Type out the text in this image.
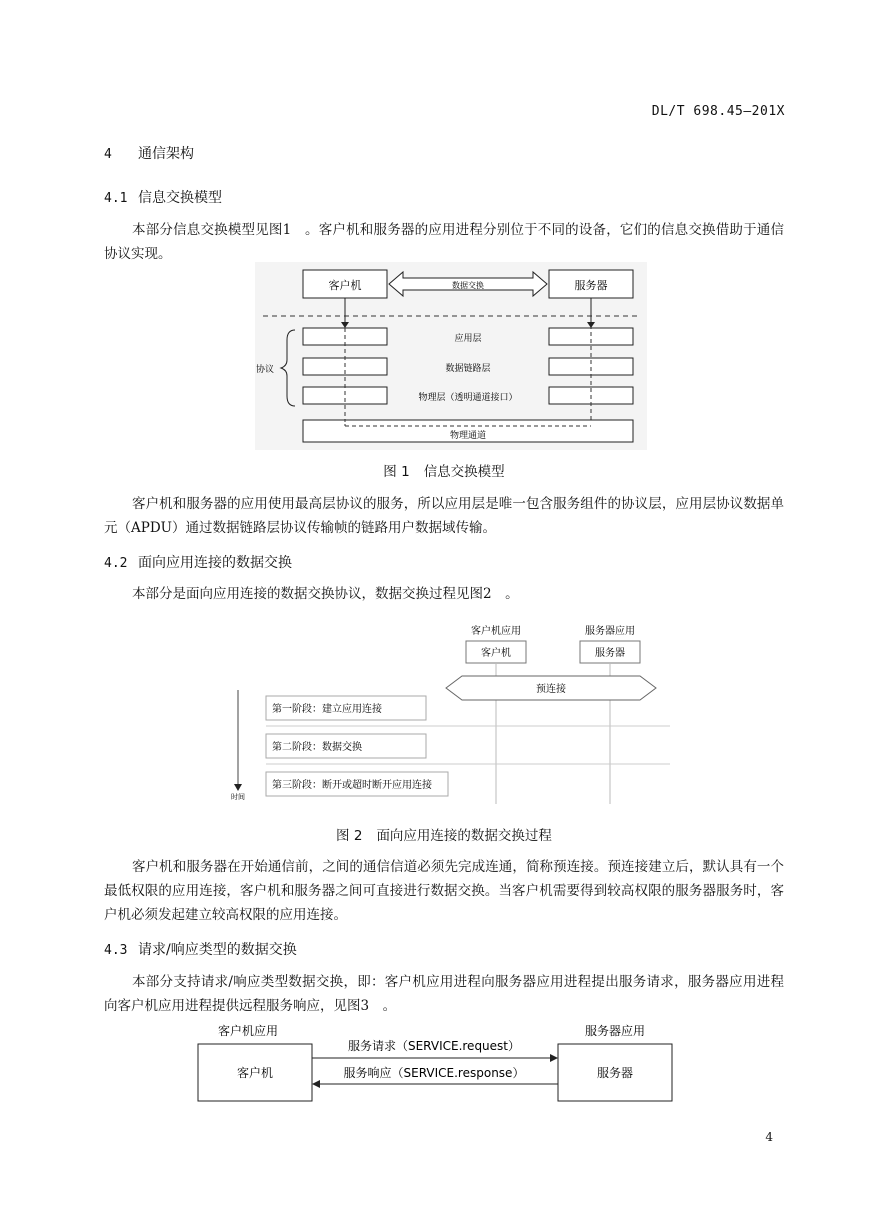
DL/T 698.45—201X
4 通信架构
4.1 信息交换模型
本部分信息交换模型见图1　。客户机和服务器的应用进程分别位于不同的设备，它们的信息交换借助于通信协议实现。
客户机	服务器
数据交换
应用层
数据链路层
物理层（透明通道接口）
协议
物理通道
图 1 信息交换模型
客户机和服务器的应用使用最高层协议的服务，所以应用层是唯一包含服务组件的协议层，应用层协议数据单元（APDU）通过数据链路层协议传输帧的链路用户数据域传输。
4.2 面向应用连接的数据交换
本部分是面向应用连接的数据交换协议，数据交换过程见图2　。
客户机应用
客户机
服务器应用
服务器
预连接
第一阶段：建立应用连接
第二阶段：数据交换
第三阶段：断开或超时断开应用连接
时间
图 2 面向应用连接的数据交换过程
客户机和服务器在开始通信前，之间的通信信道必须先完成连通，简称预连接。预连接建立后，默认具有一个最低权限的应用连接，客户机和服务器之间可直接进行数据交换。当客户机需要得到较高权限的服务器服务时，客户机必须发起建立较高权限的应用连接。
4.3 请求/响应类型的数据交换
本部分支持请求/响应类型数据交换，即：客户机应用进程向服务器应用进程提出服务请求，服务器应用进程向客户机应用进程提供远程服务响应，见图3　。
客户机应用	服务器应用
客户机	服务器
服务请求（SERVICE.request）
服务响应（SERVICE.response）
4
